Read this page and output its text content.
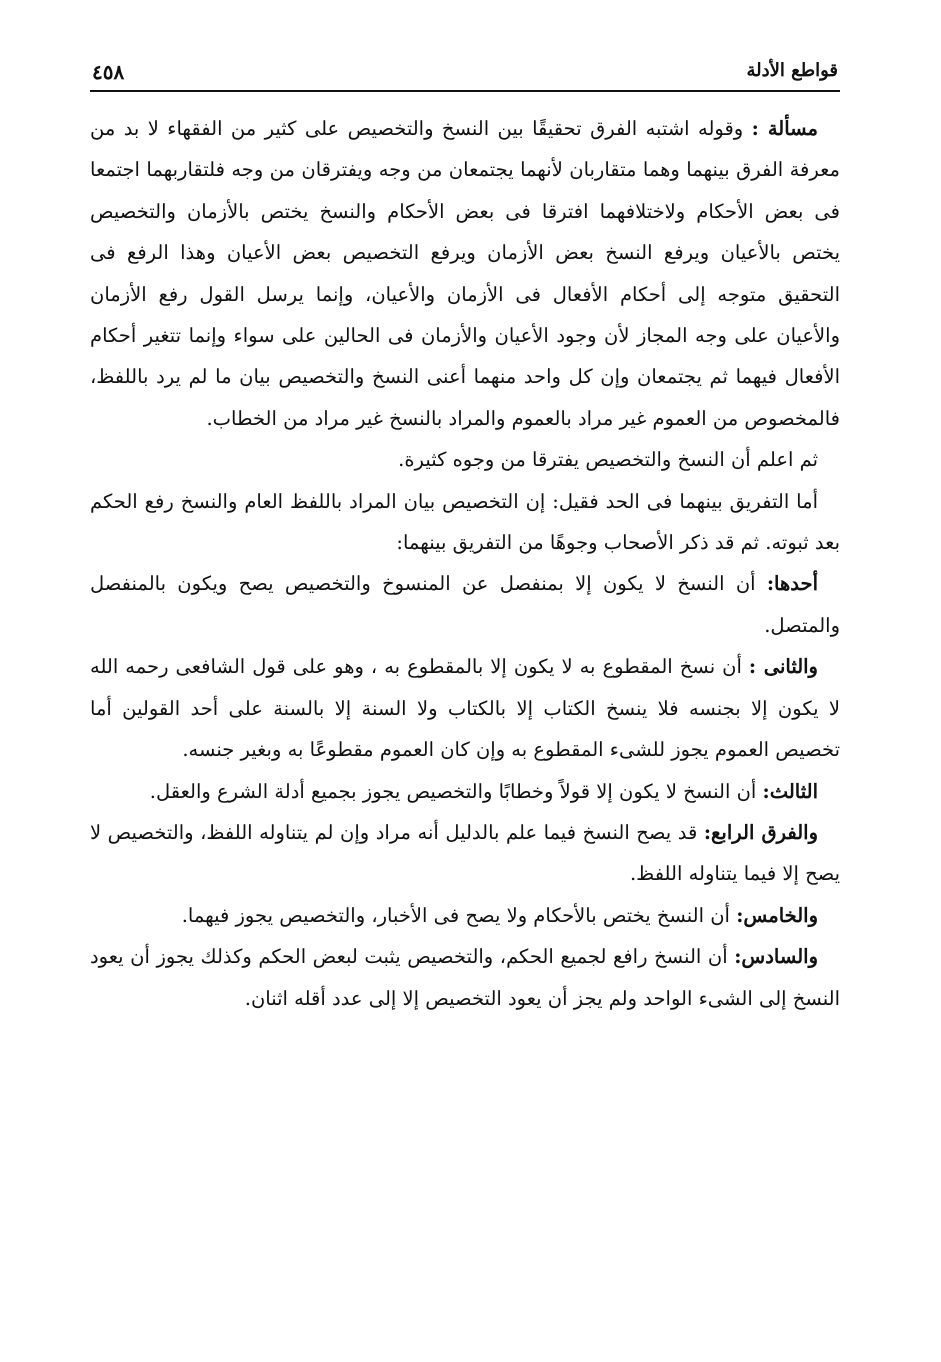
٤٥٨	قواطع الأدلة

مسألة : وقوله اشتبه الفرق تحقيقًا بين النسخ والتخصيص على كثير من الفقهاء لا بد من معرفة الفرق بينهما وهما متقاربان لأنهما يجتمعان من وجه ويفترقان من وجه فلتقاربهما اجتمعا فى بعض الأحكام ولاختلافهما افترقا فى بعض الأحكام والنسخ يختص بالأزمان والتخصيص يختص بالأعيان ويرفع النسخ بعض الأزمان ويرفع التخصيص بعض الأعيان وهذا الرفع فى التحقيق متوجه إلى أحكام الأفعال فى الأزمان والأعيان، وإنما يرسل القول رفع الأزمان والأعيان على وجه المجاز لأن وجود الأعيان والأزمان فى الحالين على سواء وإنما تتغير أحكام الأفعال فيهما ثم يجتمعان وإن كل واحد منهما أعنى النسخ والتخصيص بيان ما لم يرد باللفظ، فالمخصوص من العموم غير مراد بالعموم والمراد بالنسخ غير مراد من الخطاب.

ثم اعلم أن النسخ والتخصيص يفترقا من وجوه كثيرة.

أما التفريق بينهما فى الحد فقيل: إن التخصيص بيان المراد باللفظ العام والنسخ رفع الحكم بعد ثبوته. ثم قد ذكر الأصحاب وجوهًا من التفريق بينهما:

أحدها: أن النسخ لا يكون إلا بمنفصل عن المنسوخ والتخصيص يصح ويكون بالمنفصل والمتصل.

والثانى : أن نسخ المقطوع به لا يكون إلا بالمقطوع به ، وهو على قول الشافعى رحمه الله لا يكون إلا بجنسه فلا ينسخ الكتاب إلا بالكتاب ولا السنة إلا بالسنة على أحد القولين أما تخصيص العموم يجوز للشىء المقطوع به وإن كان العموم مقطوعًا به وبغير جنسه.

الثالث: أن النسخ لا يكون إلا قولاً وخطابًا والتخصيص يجوز بجميع أدلة الشرع والعقل.

والفرق الرابع: قد يصح النسخ فيما علم بالدليل أنه مراد وإن لم يتناوله اللفظ، والتخصيص لا يصح إلا فيما يتناوله اللفظ.

والخامس: أن النسخ يختص بالأحكام ولا يصح فى الأخبار، والتخصيص يجوز فيهما.

والسادس: أن النسخ رافع لجميع الحكم، والتخصيص يثبت لبعض الحكم وكذلك يجوز أن يعود النسخ إلى الشىء الواحد ولم يجز أن يعود التخصيص إلا إلى عدد أقله اثنان.
